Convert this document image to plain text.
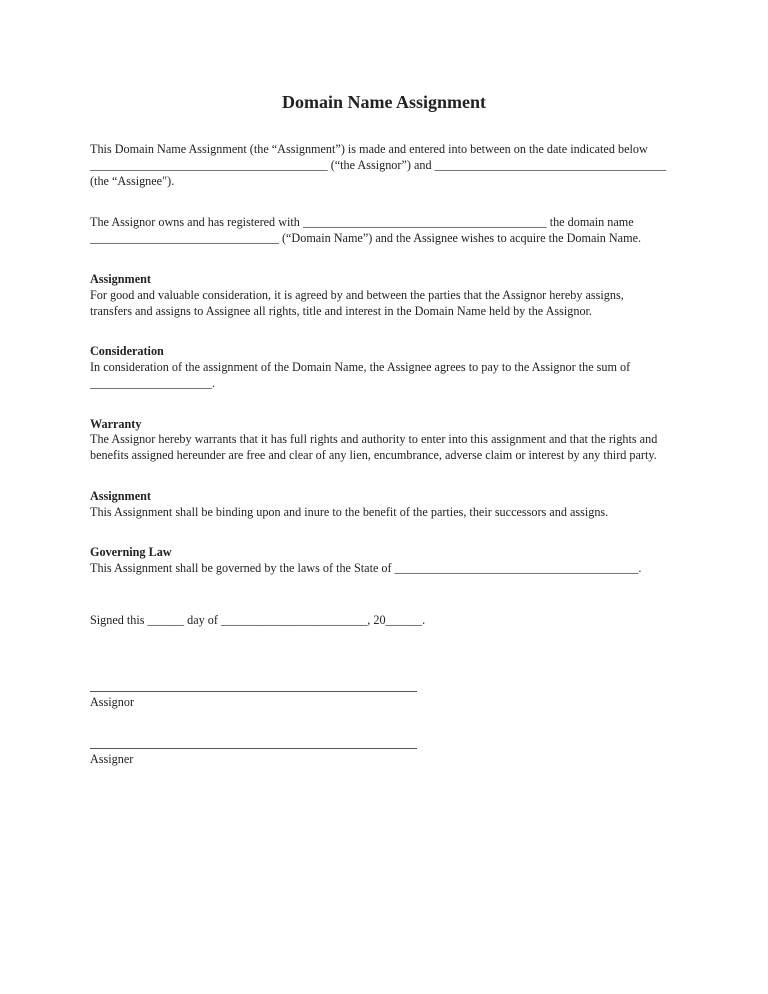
Domain Name Assignment
This Domain Name Assignment (the “Assignment”) is made and entered into between on the date indicated below
_______________________________________ (“the Assignor”) and ______________________________________
(the “Assignee″).
The Assignor owns and has registered with ________________________________________ the domain name
_______________________________ (“Domain Name”) and the Assignee wishes to acquire the Domain Name.
Assignment
For good and valuable consideration, it is agreed by and between the parties that the Assignor hereby assigns,
transfers and assigns to Assignee all rights, title and interest in the Domain Name held by the Assignor.
Consideration
In consideration of the assignment of the Domain Name, the Assignee agrees to pay to the Assignor the sum of
____________________.
Warranty
The Assignor hereby warrants that it has full rights and authority to enter into this assignment and that the rights and
benefits assigned hereunder are free and clear of any lien, encumbrance, adverse claim or interest by any third party.
Assignment
This Assignment shall be binding upon and inure to the benefit of the parties, their successors and assigns.
Governing Law
This Assignment shall be governed by the laws of the State of ________________________________________.
Signed this ______ day of ________________________, 20______.
Assignor
Assigner
